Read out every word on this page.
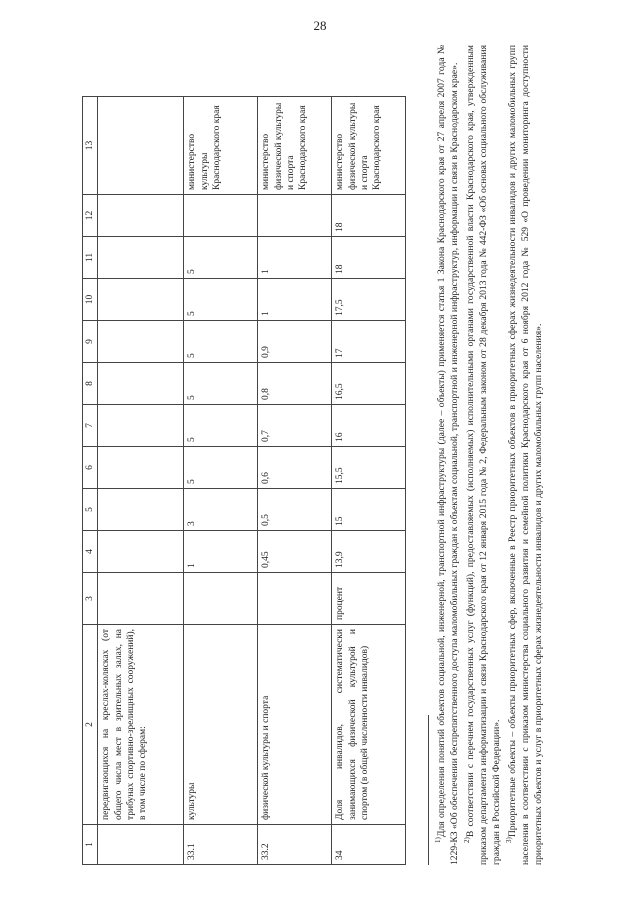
28
1	2	3	4	5	6	7	8	9	10	11	12	13
	передвигающихся на креслах-колясках (от общего числа мест в зрительных залах, на трибунах спортивно-зрелищных сооружений), в том числе по сферам:											
33.1	культуры		1	3	5	5	5	5	5	5		министерство культуры Краснодарского края
33.2	физической культуры и спорта		0,45	0,5	0,6	0,7	0,8	0,9	1	1		министерство физической культуры и спорта Краснодарского края
34	Доля инвалидов, систематически занимающихся физической культурой и спортом (в общей численности инвалидов)	процент	13,9	15	15,5	16	16,5	17	17,5	18	18	министерство физической культуры и спорта Краснодарского края

$^{1)}$Для определения понятий объектов социальной, инженерной, транспортной инфраструктуры (далее – объекты) применяется статья 1 Закона Краснодарского края от 27 апреля 2007 года № 1229-КЗ «Об обеспечении беспрепятственного доступа маломобильных граждан к объектам социальной, транспортной и инженерной инфраструктур, информации и связи в Краснодарском крае». $^{2)}$В соответствии с перечнем государственных услуг (функций), предоставляемых (исполняемых) исполнительными органами государственной власти Краснодарского края, утвержденным приказом департамента информатизации и связи Краснодарского края от 12 января 2015 года № 2, Федеральным законом от 28 декабря 2013 года № 442-ФЗ «Об основах социального обслуживания граждан в Российской Федерации». $^{3)}$Приоритетные объекты – объекты приоритетных сфер, включенные в Реестр приоритетных объектов в приоритетных сферах жизнедеятельности инвалидов и других маломобильных групп населения в соответствии с приказом министерства социального развития и семейной политики Краснодарского края от 6 ноября 2012 года № 529 «О проведении мониторинга доступности приоритетных объектов и услуг в приоритетных сферах жизнедеятельности инвалидов и других маломобильных групп населения».
